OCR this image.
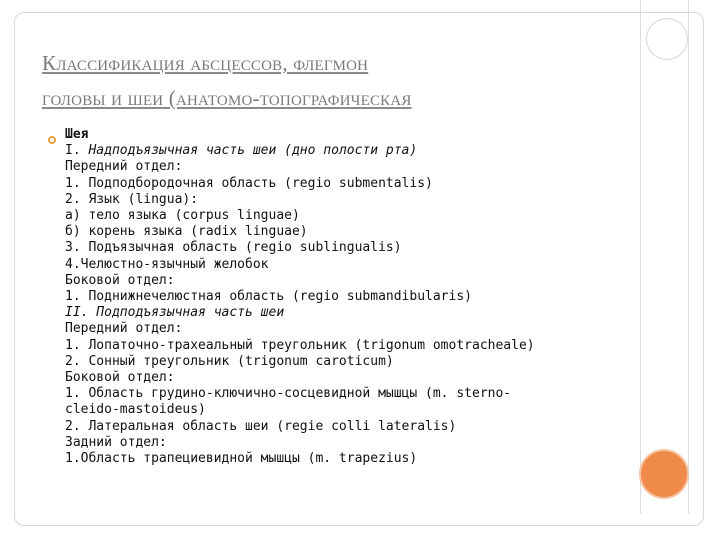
Классификация абсцессов, флегмон
головы и шеи (анатомо-топографическая
Шея
I. Надподъязычная часть шеи (дно полости рта)
Передний отдел:
1. Подподбородочная область (regio submentalis)
2. Язык (lingua):
а) тело языка (corpus linguae)
б) корень языка (radix linguae)
3. Подъязычная область (regio sublingualis)
4.Челюстно-язычный желобок
Боковой отдел:
1. Поднижнечелюстная область (regio submandibularis)
II. Подподъязычная часть шеи
Передний отдел:
1. Лопаточно-трахеальный треугольник (trigonum omotracheale)
2. Сонный треугольник (trigonum caroticum)
Боковой отдел:
1. Область грудино-ключично-сосцевидной мышцы (m. sterno-
cleido-mastoideus)
2. Латеральная область шеи (regie colli lateralis)
Задний отдел:
1.Область трапециевидной мышцы (m. trapezius)
